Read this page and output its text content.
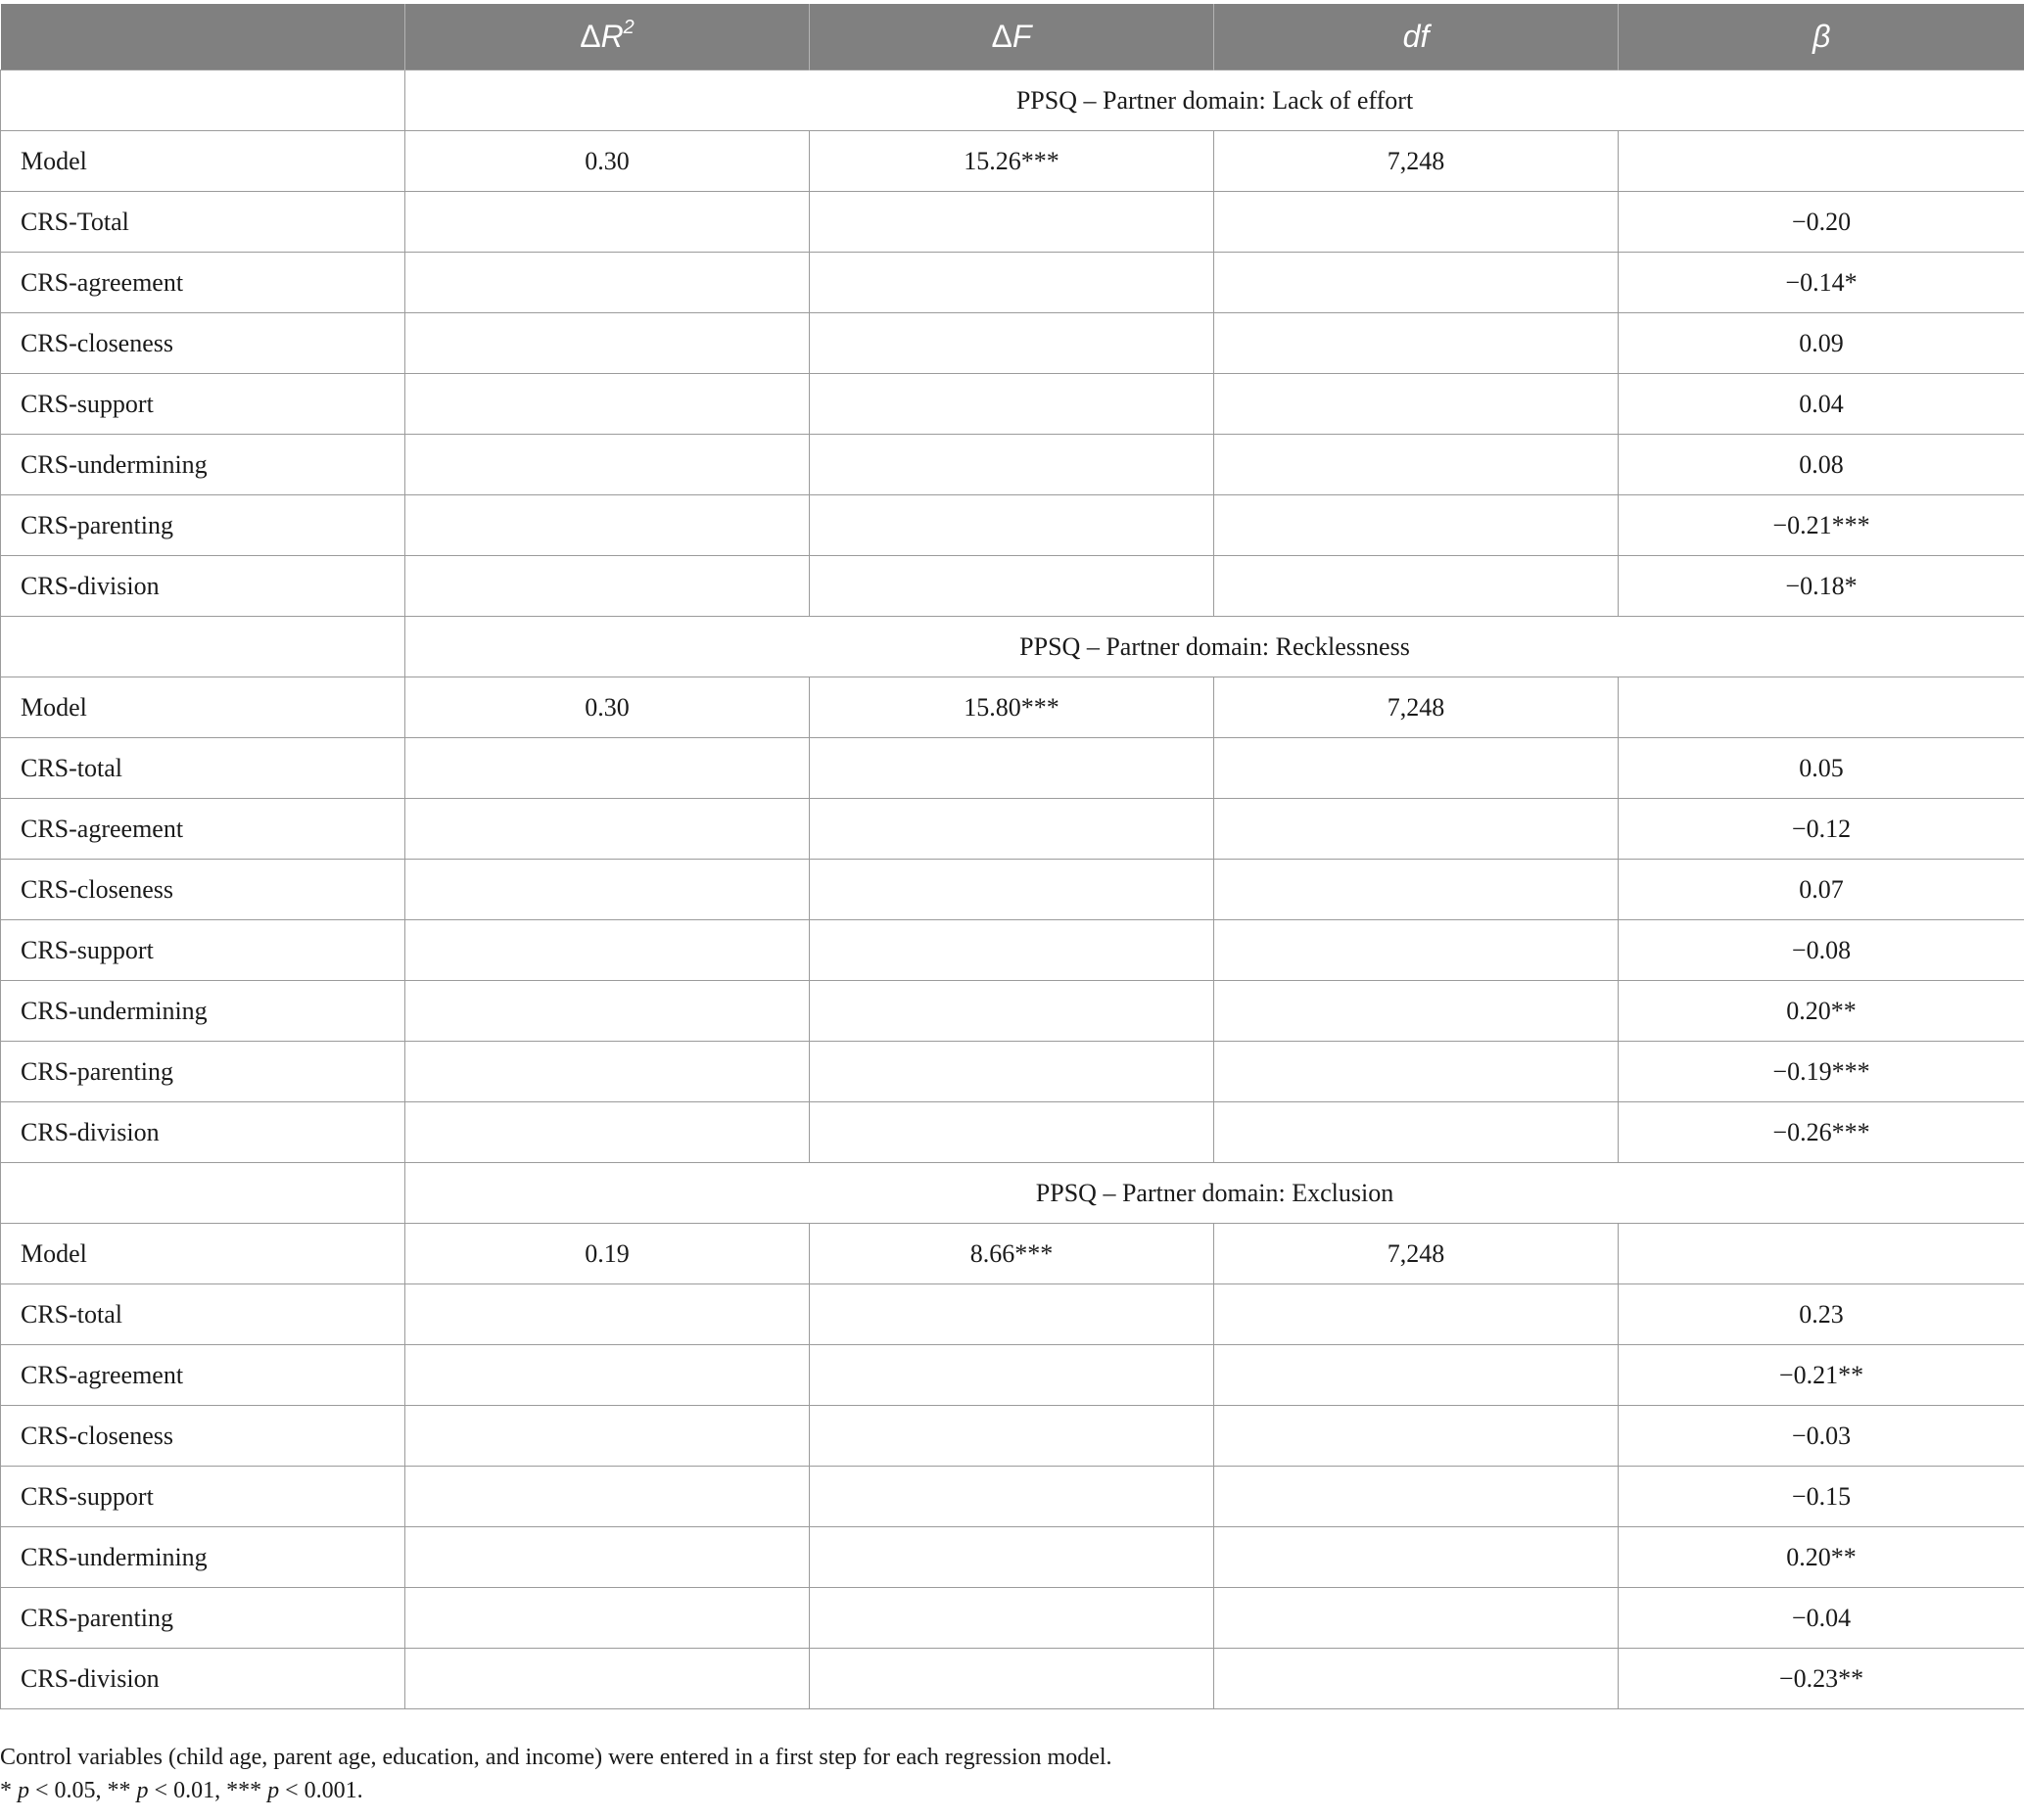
	$\Delta R^2$	ΔF	df	β
	PPSQ – Partner domain: Lack of effort			
Model	0.30	15.26***	7,248	
CRS-Total				−0.20
CRS-agreement				−0.14*
CRS-closeness				0.09
CRS-support				0.04
CRS-undermining				0.08
CRS-parenting				−0.21***
CRS-division				−0.18*
	PPSQ – Partner domain: Recklessness			
Model	0.30	15.80***	7,248	
CRS-total				0.05
CRS-agreement				−0.12
CRS-closeness				0.07
CRS-support				−0.08
CRS-undermining				0.20**
CRS-parenting				−0.19***
CRS-division				−0.26***
	PPSQ – Partner domain: Exclusion			
Model	0.19	8.66***	7,248	
CRS-total				0.23
CRS-agreement				−0.21**
CRS-closeness				−0.03
CRS-support				−0.15
CRS-undermining				0.20**
CRS-parenting				−0.04
CRS-division				−0.23**
Control variables (child age, parent age, education, and income) were entered in a first step for each regression model.
* p < 0.05, ** p < 0.01, *** p < 0.001.
